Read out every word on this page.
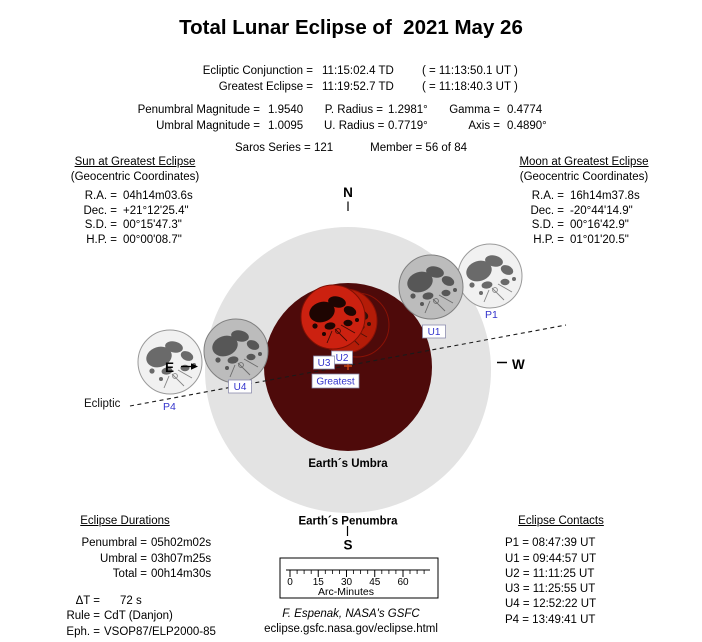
U1
U4
U2
U3
Greatest
P1
P4
N
S
E	W
Earth´s Umbra
Earth´s Penumbra
Ecliptic
0 15 30 45 60
Arc-Minutes
Total Lunar Eclipse of  2021 May 26
Ecliptic Conjunction = 11:15:02.4 TD	( = 11:13:50.1 UT )
Greatest Eclipse = 11:19:52.7 TD	( = 11:18:40.3 UT )
Penumbral Magnitude = 1.9540	P. Radius = 1.2981°	Gamma = 0.4774
Umbral Magnitude = 1.0095	U. Radius = 0.7719°	Axis = 0.4890°
Saros Series = 121	Member = 56 of 84
Sun at Greatest Eclipse
(Geocentric Coordinates)
R.A. = 04h14m03.6s
Dec. = +21°12'25.4"
S.D. = 00°15'47.3"
H.P. = 00°00'08.7"
Moon at Greatest Eclipse
(Geocentric Coordinates)
R.A. = 16h14m37.8s
Dec. = -20°44'14.9"
S.D. = 00°16'42.9"
H.P. = 01°01'20.5"
Eclipse Durations
Penumbral = 05h02m02s
Umbral = 03h07m25s
Total = 00h14m30s
ΔT = 72 s
Rule = CdT (Danjon)
Eph. = VSOP87/ELP2000-85
Eclipse Contacts
P1 = 08:47:39 UT
U1 = 09:44:57 UT
U2 = 11:11:25 UT
U3 = 11:25:55 UT
U4 = 12:52:22 UT
P4 = 13:49:41 UT
F. Espenak, NASA's GSFC
eclipse.gsfc.nasa.gov/eclipse.html
